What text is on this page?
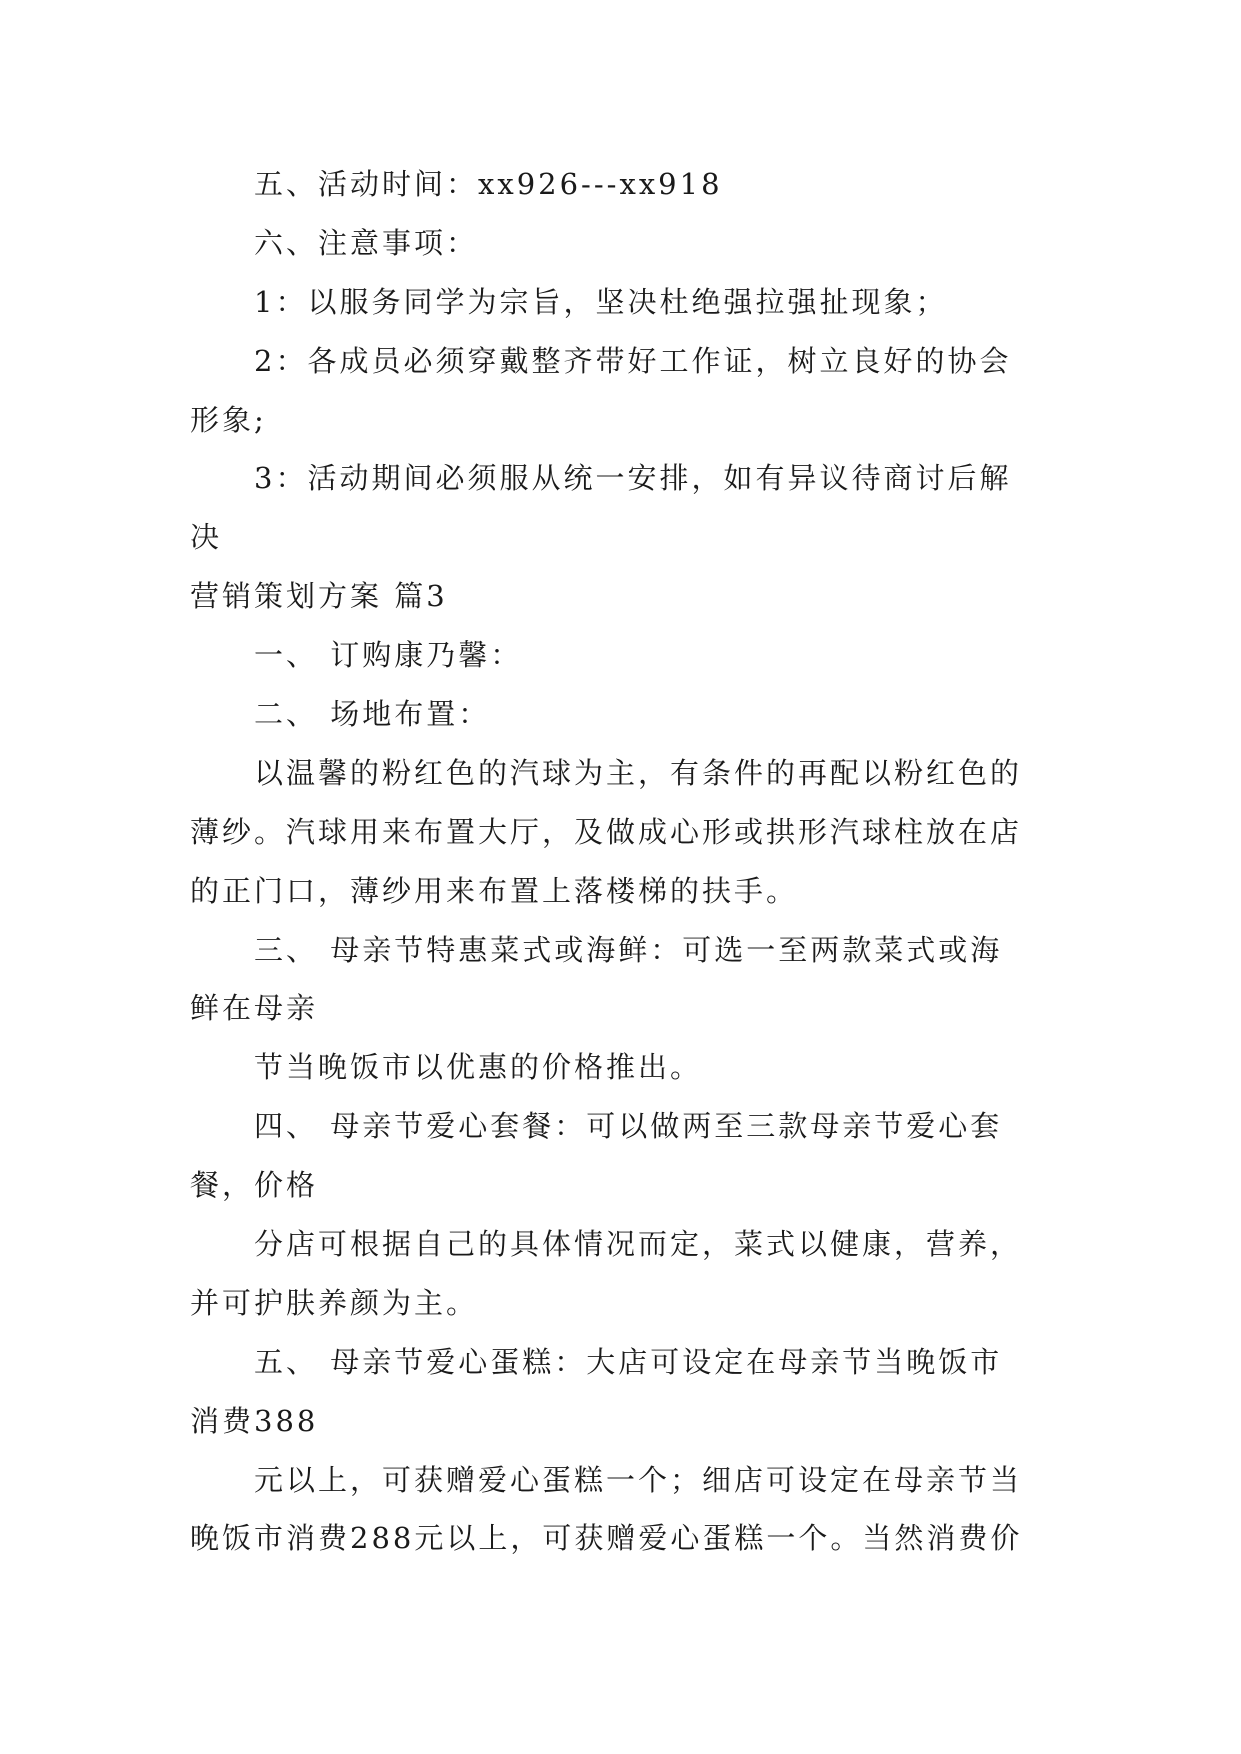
五、活动时间：xx926---xx918
六、注意事项：
1：以服务同学为宗旨，坚决杜绝强拉强扯现象；
2：各成员必须穿戴整齐带好工作证，树立良好的协会
形象;
3：活动期间必须服从统一安排，如有异议待商讨后解
决
营销策划方案 篇3
一、 订购康乃馨：
二、 场地布置：
以温馨的粉红色的汽球为主，有条件的再配以粉红色的
薄纱。汽球用来布置大厅，及做成心形或拱形汽球柱放在店
的正门口，薄纱用来布置上落楼梯的扶手。
三、 母亲节特惠菜式或海鲜：可选一至两款菜式或海
鲜在母亲
节当晚饭市以优惠的价格推出。
四、 母亲节爱心套餐：可以做两至三款母亲节爱心套
餐，价格
分店可根据自己的具体情况而定，菜式以健康，营养，
并可护肤养颜为主。
五、 母亲节爱心蛋糕：大店可设定在母亲节当晚饭市
消费388
元以上，可获赠爱心蛋糕一个；细店可设定在母亲节当
晚饭市消费288元以上，可获赠爱心蛋糕一个。当然消费价
